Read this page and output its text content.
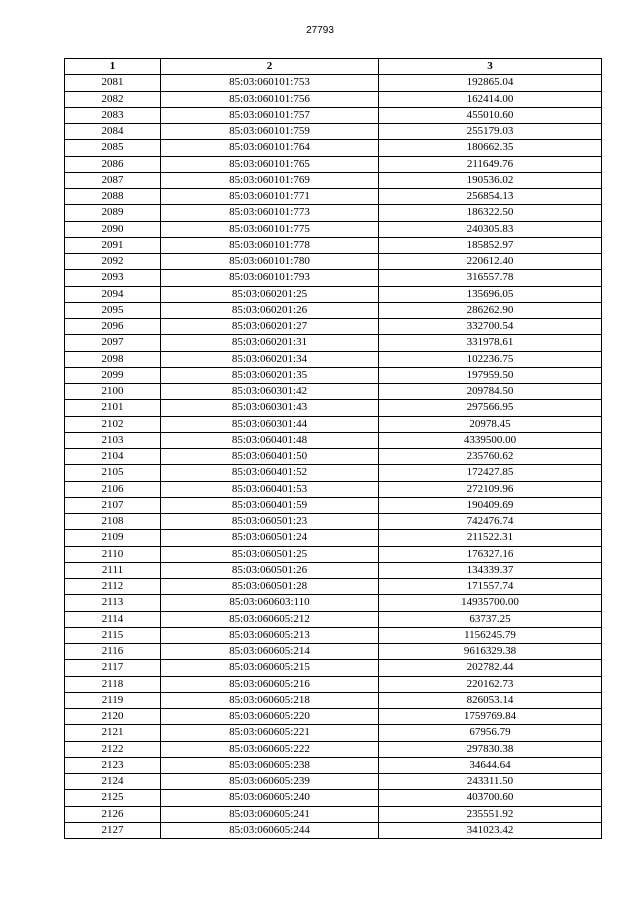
27793
1	2	3
2081	85:03:060101:753	192865.04
2082	85:03:060101:756	162414.00
2083	85:03:060101:757	455010.60
2084	85:03:060101:759	255179.03
2085	85:03:060101:764	180662.35
2086	85:03:060101:765	211649.76
2087	85:03:060101:769	190536.02
2088	85:03:060101:771	256854.13
2089	85:03:060101:773	186322.50
2090	85:03:060101:775	240305.83
2091	85:03:060101:778	185852.97
2092	85:03:060101:780	220612.40
2093	85:03:060101:793	316557.78
2094	85:03:060201:25	135696.05
2095	85:03:060201:26	286262.90
2096	85:03:060201:27	332700.54
2097	85:03:060201:31	331978.61
2098	85:03:060201:34	102236.75
2099	85:03:060201:35	197959.50
2100	85:03:060301:42	209784.50
2101	85:03:060301:43	297566.95
2102	85:03:060301:44	20978.45
2103	85:03:060401:48	4339500.00
2104	85:03:060401:50	235760.62
2105	85:03:060401:52	172427.85
2106	85:03:060401:53	272109.96
2107	85:03:060401:59	190409.69
2108	85:03:060501:23	742476.74
2109	85:03:060501:24	211522.31
2110	85:03:060501:25	176327.16
2111	85:03:060501:26	134339.37
2112	85:03:060501:28	171557.74
2113	85:03:060603:110	14935700.00
2114	85:03:060605:212	63737.25
2115	85:03:060605:213	1156245.79
2116	85:03:060605:214	9616329.38
2117	85:03:060605:215	202782.44
2118	85:03:060605:216	220162.73
2119	85:03:060605:218	826053.14
2120	85:03:060605:220	1759769.84
2121	85:03:060605:221	67956.79
2122	85:03:060605:222	297830.38
2123	85:03:060605:238	34644.64
2124	85:03:060605:239	243311.50
2125	85:03:060605:240	403700.60
2126	85:03:060605:241	235551.92
2127	85:03:060605:244	341023.42
